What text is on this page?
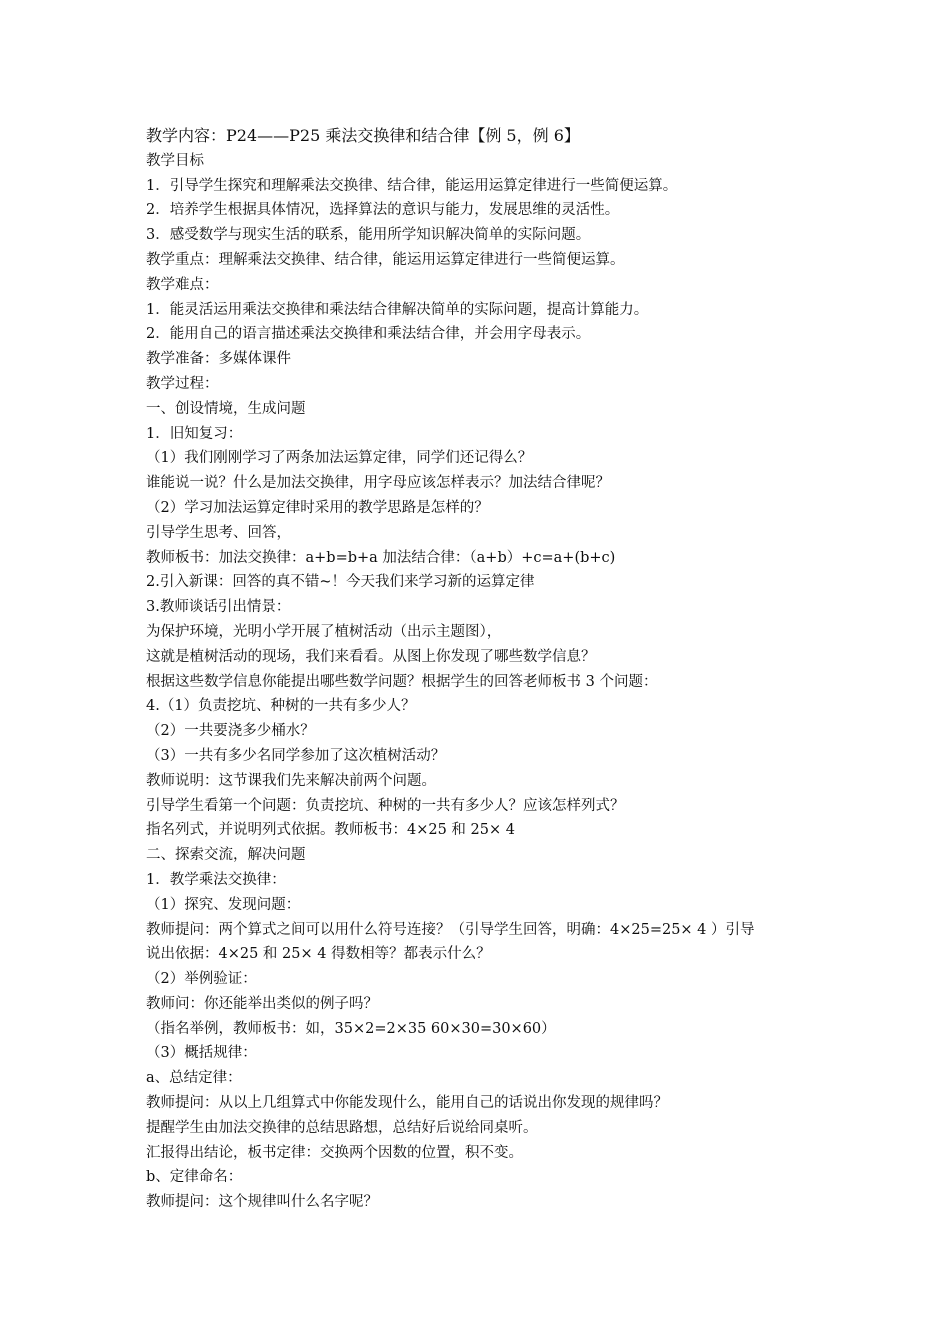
教学内容：P24——P25 乘法交换律和结合律【例 5，例 6】
教学目标
1．引导学生探究和理解乘法交换律、结合律，能运用运算定律进行一些简便运算。
2．培养学生根据具体情况，选择算法的意识与能力，发展思维的灵活性。
3．感受数学与现实生活的联系，能用所学知识解决简单的实际问题。
教学重点：理解乘法交换律、结合律，能运用运算定律进行一些简便运算。
教学难点：
1．能灵活运用乘法交换律和乘法结合律解决简单的实际问题，提高计算能力。
2．能用自己的语言描述乘法交换律和乘法结合律，并会用字母表示。
教学准备：多媒体课件
教学过程：
一、创设情境，生成问题
1．旧知复习：
（1）我们刚刚学习了两条加法运算定律，同学们还记得么？
谁能说一说？什么是加法交换律，用字母应该怎样表示？加法结合律呢？
（2）学习加法运算定律时采用的教学思路是怎样的？
引导学生思考、回答，
教师板书：加法交换律：a+b=b+a 加法结合律：（a+b）+c=a+(b+c)
2.引入新课：回答的真不错~！今天我们来学习新的运算定律
3.教师谈话引出情景：
为保护环境，光明小学开展了植树活动（出示主题图），
这就是植树活动的现场，我们来看看。从图上你发现了哪些数学信息？
根据这些数学信息你能提出哪些数学问题？根据学生的回答老师板书 3 个问题：
4.（1）负责挖坑、种树的一共有多少人？
（2）一共要浇多少桶水？
（3）一共有多少名同学参加了这次植树活动？
教师说明：这节课我们先来解决前两个问题。
引导学生看第一个问题：负责挖坑、种树的一共有多少人？应该怎样列式？
指名列式，并说明列式依据。教师板书：4×25 和 25× 4
二、探索交流，解决问题
1．教学乘法交换律：
（1）探究、发现问题：
教师提问：两个算式之间可以用什么符号连接？（引导学生回答，明确：4×25=25× 4 ）引导
说出依据：4×25 和 25× 4 得数相等？都表示什么？
（2）举例验证：
教师问：你还能举出类似的例子吗？
（指名举例，教师板书：如，35×2=2×35 60×30=30×60）
（3）概括规律：
a、总结定律：
教师提问：从以上几组算式中你能发现什么，能用自己的话说出你发现的规律吗？
提醒学生由加法交换律的总结思路想，总结好后说给同桌听。
汇报得出结论，板书定律：交换两个因数的位置，积不变。
b、定律命名：
教师提问：这个规律叫什么名字呢？
